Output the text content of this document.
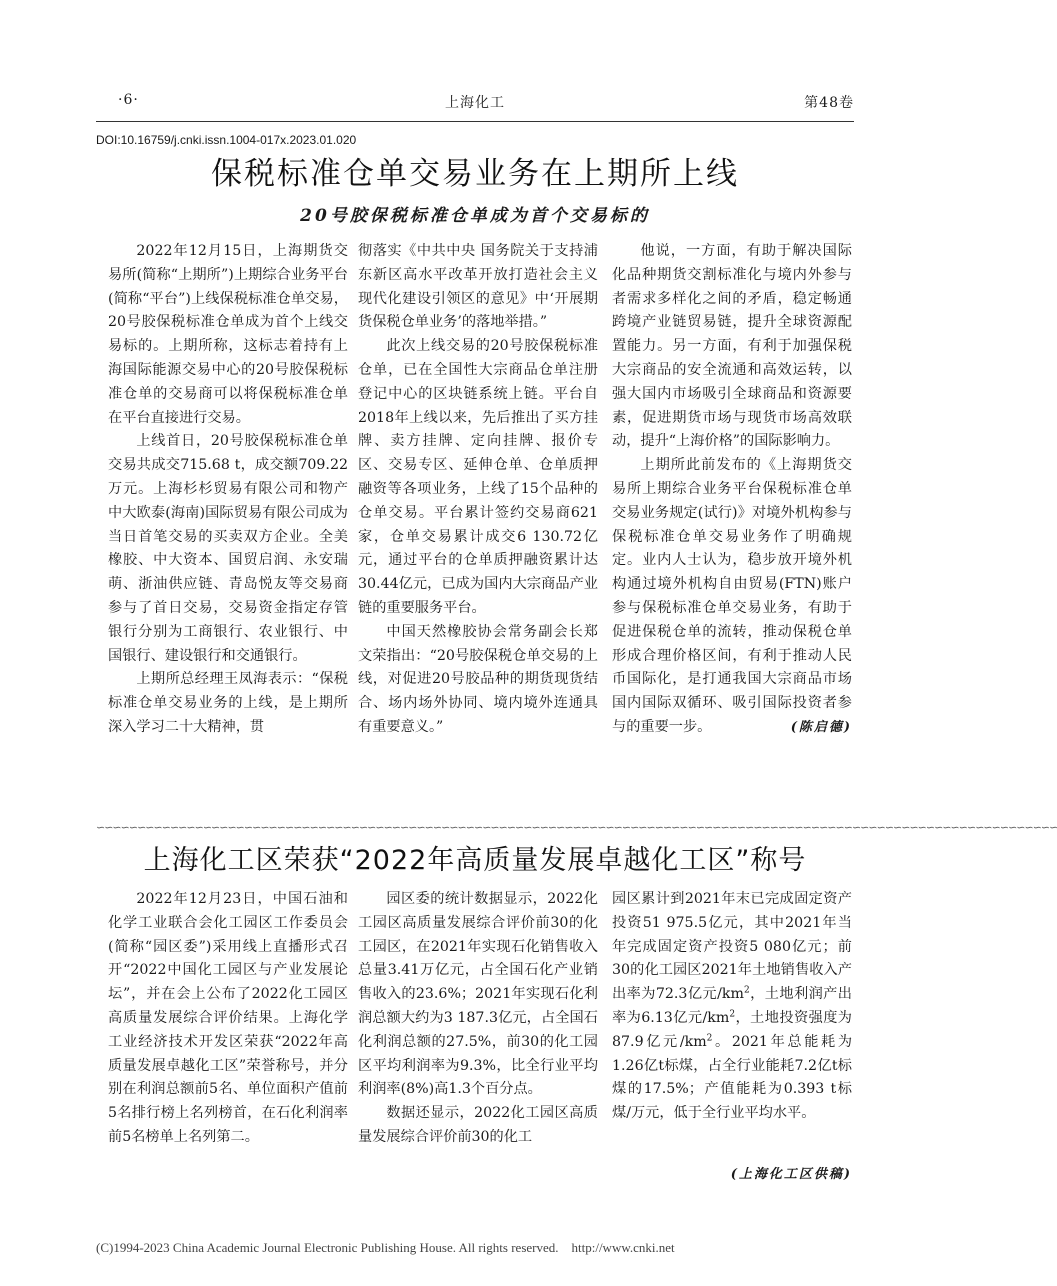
·6·	上海化工	第48卷
DOI:10.16759/j.cnki.issn.1004-017x.2023.01.020
保税标准仓单交易业务在上期所上线
20号胶保税标准仓单成为首个交易标的

2022年12月15日，上海期货交易所(简称“上期所”)上期综合业务平台(简称“平台”)上线保税标准仓单交易，20号胶保税标准仓单成为首个上线交易标的。上期所称，这标志着持有上海国际能源交易中心的20号胶保税标准仓单的交易商可以将保税标准仓单在平台直接进行交易。

上线首日，20号胶保税标准仓单交易共成交715.68 t，成交额709.22万元。上海杉杉贸易有限公司和物产中大欧泰(海南)国际贸易有限公司成为当日首笔交易的买卖双方企业。全美橡胶、中大资本、国贸启润、永安瑞萌、浙油供应链、青岛悦友等交易商参与了首日交易，交易资金指定存管银行分别为工商银行、农业银行、中国银行、建设银行和交通银行。

上期所总经理王凤海表示：“保税标准仓单交易业务的上线，是上期所深入学习二十大精神，贯

彻落实《中共中央 国务院关于支持浦东新区高水平改革开放打造社会主义现代化建设引领区的意见》中‘开展期货保税仓单业务’的落地举措。”

此次上线交易的20号胶保税标准仓单，已在全国性大宗商品仓单注册登记中心的区块链系统上链。平台自2018年上线以来，先后推出了买方挂牌、卖方挂牌、定向挂牌、报价专区、交易专区、延伸仓单、仓单质押融资等各项业务，上线了15个品种的仓单交易。平台累计签约交易商621家，仓单交易累计成交6 130.72亿元，通过平台的仓单质押融资累计达30.44亿元，已成为国内大宗商品产业链的重要服务平台。

中国天然橡胶协会常务副会长郑文荣指出：“20号胶保税仓单交易的上线，对促进20号胶品种的期货现货结合、场内场外协同、境内境外连通具有重要意义。”

他说，一方面，有助于解决国际化品种期货交割标准化与境内外参与者需求多样化之间的矛盾，稳定畅通跨境产业链贸易链，提升全球资源配置能力。另一方面，有利于加强保税大宗商品的安全流通和高效运转，以强大国内市场吸引全球商品和资源要素，促进期货市场与现货市场高效联动，提升“上海价格”的国际影响力。

上期所此前发布的《上海期货交易所上期综合业务平台保税标准仓单交易业务规定(试行)》对境外机构参与保税标准仓单交易业务作了明确规定。业内人士认为，稳步放开境外机构通过境外机构自由贸易(FTN)账户参与保税标准仓单交易业务，有助于促进保税仓单的流转，推动保税仓单形成合理价格区间，有利于推动人民币国际化，是打通我国大宗商品市场国内国际双循环、吸引国际投资者参与的重要一步。	(陈启德)

∽∽∽∽∽∽∽∽∽∽∽∽∽∽∽∽∽∽∽∽∽∽∽∽∽∽∽∽∽∽∽∽∽∽∽∽∽∽∽∽∽∽∽∽∽∽∽∽∽∽∽∽∽∽∽∽∽∽∽∽∽∽∽∽∽∽∽∽∽∽∽∽∽∽∽∽∽∽∽∽∽∽∽∽∽∽∽∽∽∽∽∽∽∽∽∽∽∽∽∽∽∽∽∽∽∽∽∽∽∽∽∽∽∽∽∽∽
上海化工区荣获“2022年高质量发展卓越化工区”称号

2022年12月23日，中国石油和化学工业联合会化工园区工作委员会(简称“园区委”)采用线上直播形式召开“2022中国化工园区与产业发展论坛”，并在会上公布了2022化工园区高质量发展综合评价结果。上海化学工业经济技术开发区荣获“2022年高质量发展卓越化工区”荣誉称号，并分别在利润总额前5名、单位面积产值前5名排行榜上名列榜首，在石化利润率前5名榜单上名列第二。

园区委的统计数据显示，2022化工园区高质量发展综合评价前30的化工园区，在2021年实现石化销售收入总量3.41万亿元，占全国石化产业销售收入的23.6%；2021年实现石化利润总额大约为3 187.3亿元，占全国石化利润总额的27.5%，前30的化工园区平均利润率为9.3%，比全行业平均利润率(8%)高1.3个百分点。

数据还显示，2022化工园区高质量发展综合评价前30的化工

园区累计到2021年末已完成固定资产投资51 975.5亿元，其中2021年当年完成固定资产投资5 080亿元；前30的化工园区2021年土地销售收入产出率为72.3亿元$/km^2$，土地利润产出率为6.13亿元$/km^2$，土地投资强度为87.9亿元$/km^2$。2021年总能耗为1.26亿t标煤，占全行业能耗7.2亿t标煤的17.5%；产值能耗为0.393 t标煤/万元，低于全行业平均水平。

(上海化工区供稿)
(C)1994-2023 China Academic Journal Electronic Publishing House. All rights reserved. http://www.cnki.net
